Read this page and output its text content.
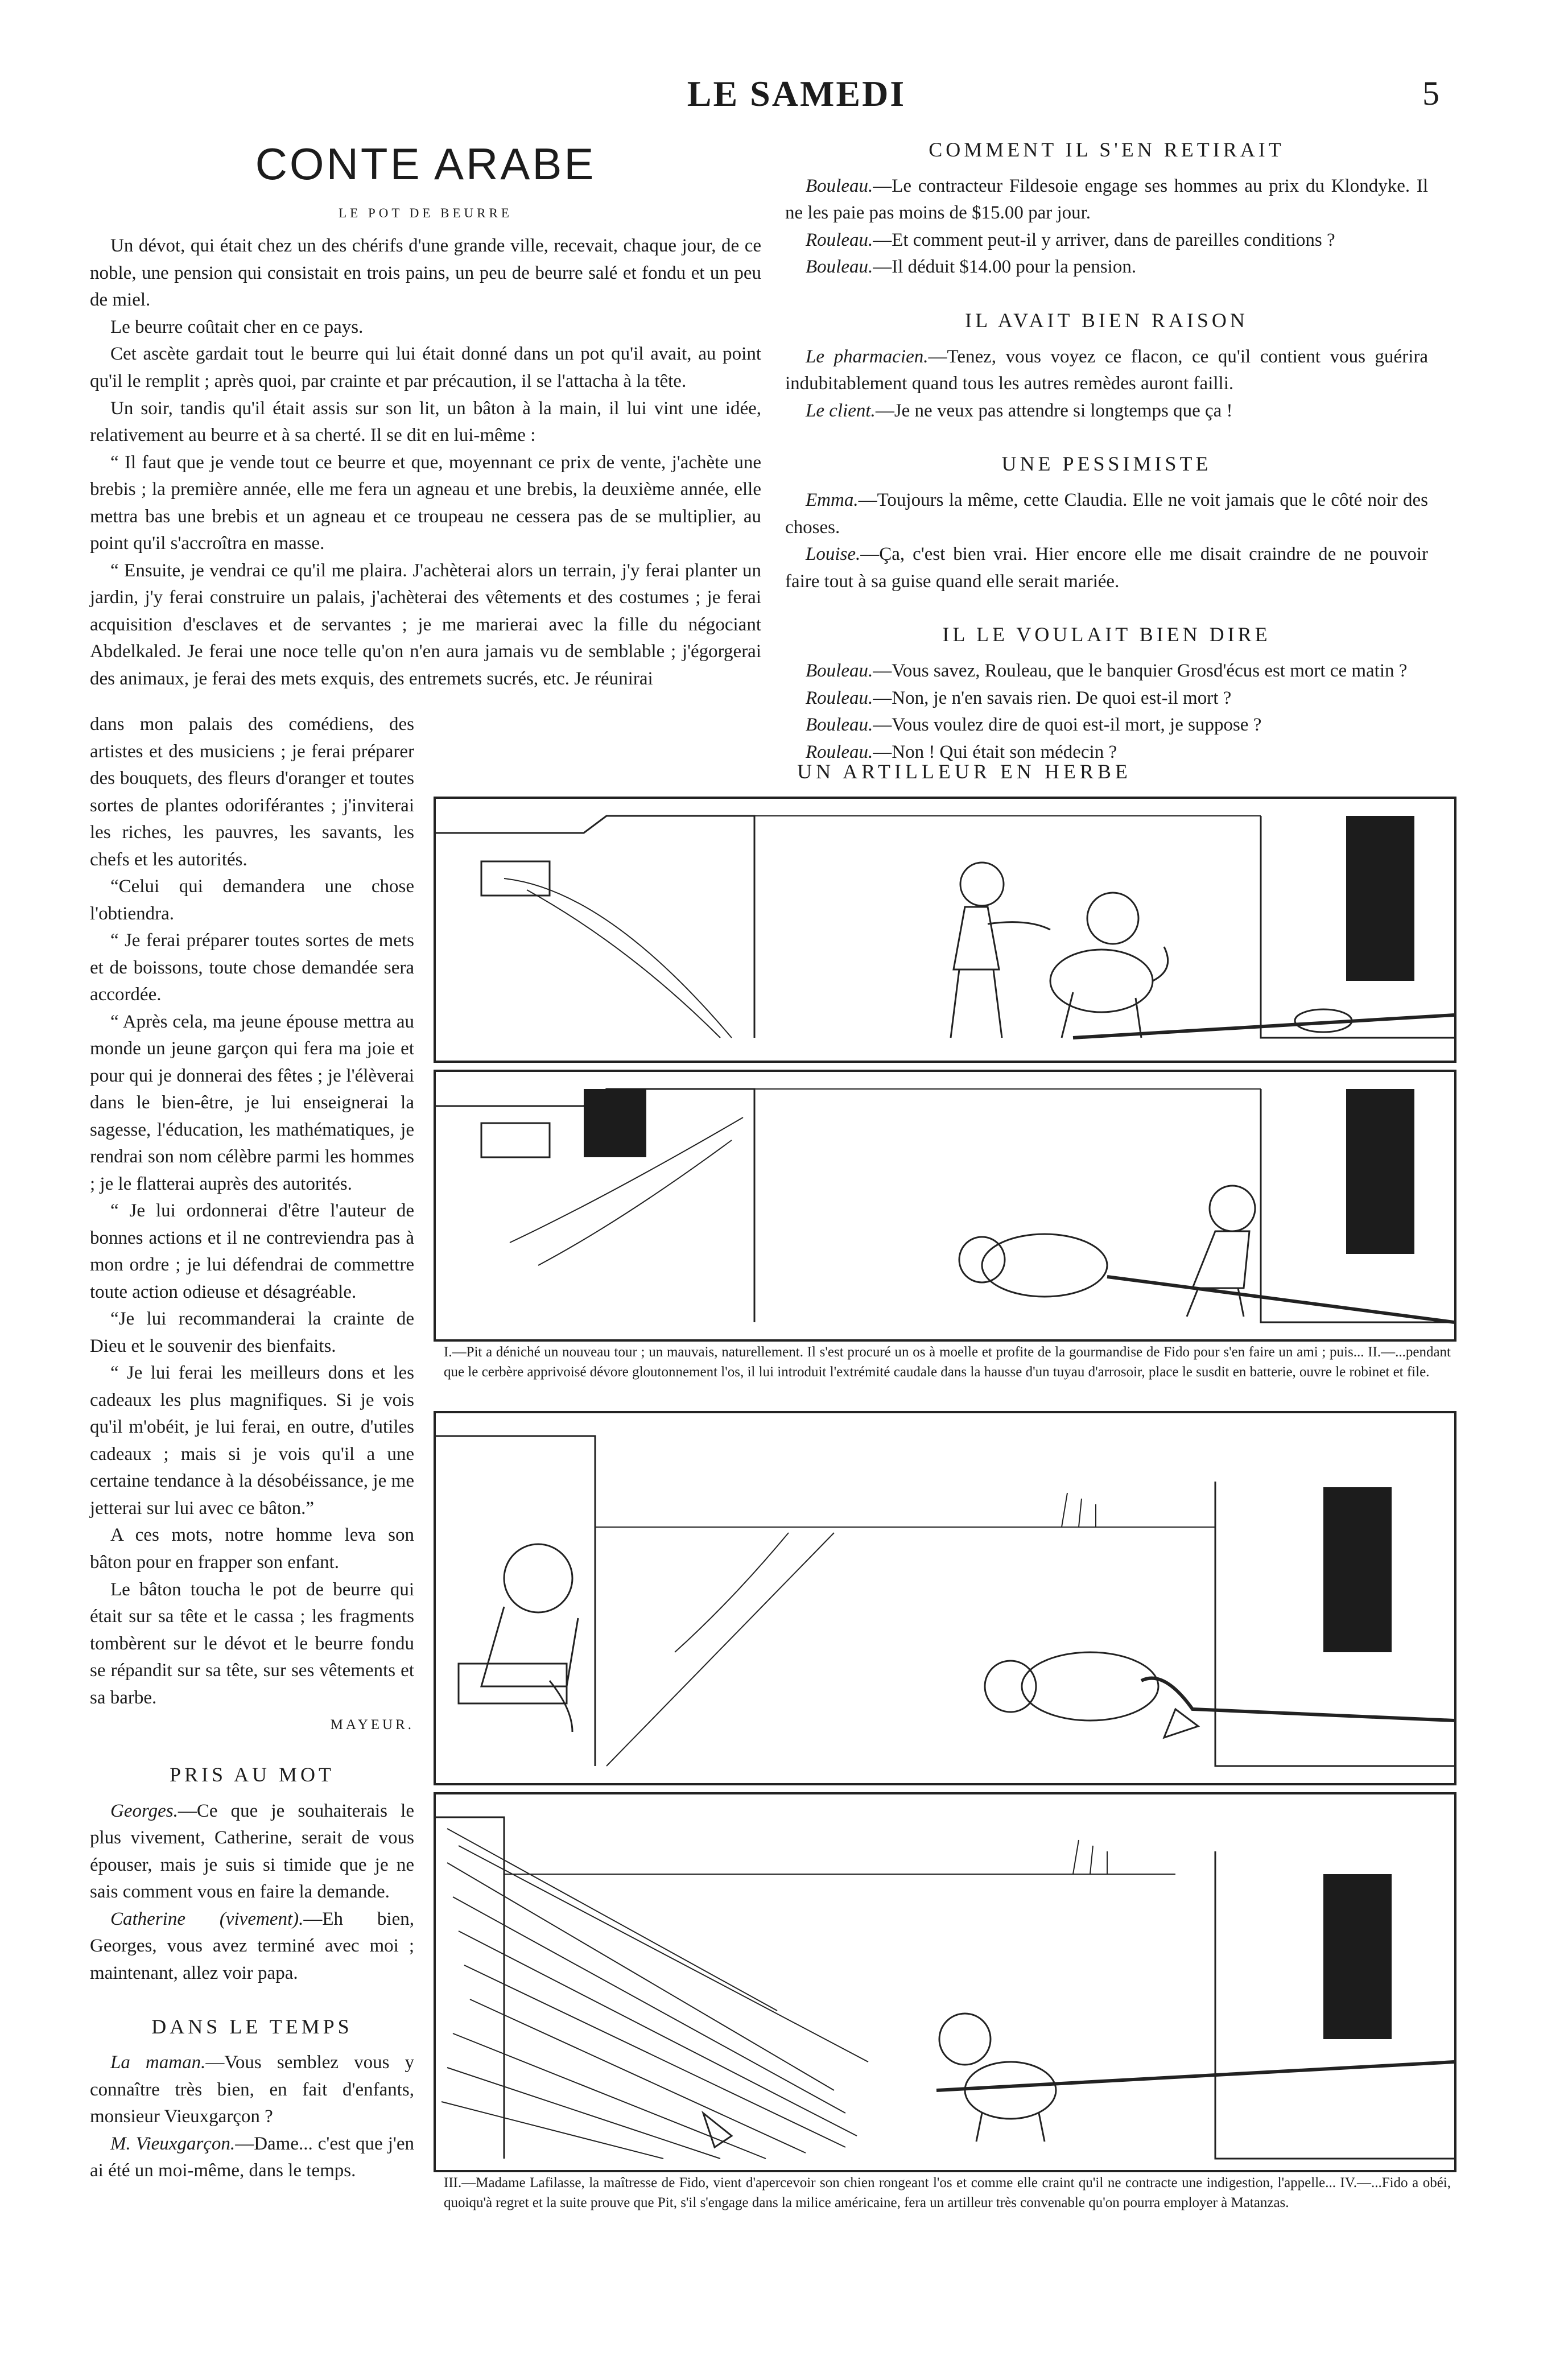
LE SAMEDI	5
CONTE ARABE
LE POT DE BEURRE

Un dévot, qui était chez un des chérifs d'une grande ville, recevait, chaque jour, de ce noble, une pension qui consistait en trois pains, un peu de beurre salé et fondu et un peu de miel.

Le beurre coûtait cher en ce pays.

Cet ascète gardait tout le beurre qui lui était donné dans un pot qu'il avait, au point qu'il le remplit ; après quoi, par crainte et par précaution, il se l'attacha à la tête.

Un soir, tandis qu'il était assis sur son lit, un bâton à la main, il lui vint une idée, relativement au beurre et à sa cherté. Il se dit en lui-même :

“ Il faut que je vende tout ce beurre et que, moyennant ce prix de vente, j'achète une brebis ; la première année, elle me fera un agneau et une brebis, la deuxième année, elle mettra bas une brebis et un agneau et ce troupeau ne cessera pas de se multiplier, au point qu'il s'accroîtra en masse.

“ Ensuite, je vendrai ce qu'il me plaira. J'achèterai alors un terrain, j'y ferai planter un jardin, j'y ferai construire un palais, j'achèterai des vêtements et des costumes ; je ferai acquisition d'esclaves et de servantes ; je me marierai avec la fille du négociant Abdelkaled. Je ferai une noce telle qu'on n'en aura jamais vu de semblable ; j'égorgerai des animaux, je ferai des mets exquis, des entremets sucrés, etc. Je réunirai

dans mon palais des comédiens, des artistes et des musiciens ; je ferai préparer des bouquets, des fleurs d'oranger et toutes sortes de plantes odoriférantes ; j'inviterai les riches, les pauvres, les savants, les chefs et les autorités.

“Celui qui demandera une chose l'obtiendra.

“ Je ferai préparer toutes sortes de mets et de boissons, toute chose demandée sera accordée.

“ Après cela, ma jeune épouse mettra au monde un jeune garçon qui fera ma joie et pour qui je donnerai des fêtes ; je l'élèverai dans le bien-être, je lui enseignerai la sagesse, l'éducation, les mathématiques, je rendrai son nom célèbre parmi les hommes ; je le flatterai auprès des autorités.

“ Je lui ordonnerai d'être l'auteur de bonnes actions et il ne contreviendra pas à mon ordre ; je lui défendrai de commettre toute action odieuse et désagréable.

“Je lui recommanderai la crainte de Dieu et le souvenir des bienfaits.

“ Je lui ferai les meilleurs dons et les cadeaux les plus magnifiques. Si je vois qu'il m'obéit, je lui ferai, en outre, d'utiles cadeaux ; mais si je vois qu'il a une certaine tendance à la désobéissance, je me jetterai sur lui avec ce bâton.”

A ces mots, notre homme leva son bâton pour en frapper son enfant.

Le bâton toucha le pot de beurre qui était sur sa tête et le cassa ; les fragments tombèrent sur le dévot et le beurre fondu se répandit sur sa tête, sur ses vêtements et sa barbe.

MAYEUR.
PRIS AU MOT

Georges.—Ce que je souhaiterais le plus vivement, Catherine, serait de vous épouser, mais je suis si timide que je ne sais comment vous en faire la demande.

Catherine (vivement).—Eh bien, Georges, vous avez terminé avec moi ; maintenant, allez voir papa.

DANS LE TEMPS

La maman.—Vous semblez vous y connaître très bien, en fait d'enfants, monsieur Vieuxgarçon ?

M. Vieuxgarçon.—Dame... c'est que j'en ai été un moi-même, dans le temps.

COMMENT IL S'EN RETIRAIT

Bouleau.—Le contracteur Fildesoie engage ses hommes au prix du Klondyke. Il ne les paie pas moins de $15.00 par jour.

Rouleau.—Et comment peut-il y arriver, dans de pareilles conditions ?

Bouleau.—Il déduit $14.00 pour la pension.

IL AVAIT BIEN RAISON

Le pharmacien.—Tenez, vous voyez ce flacon, ce qu'il contient vous guérira indubitablement quand tous les autres remèdes auront failli.

Le client.—Je ne veux pas attendre si longtemps que ça !

UNE PESSIMISTE

Emma.—Toujours la même, cette Claudia. Elle ne voit jamais que le côté noir des choses.

Louise.—Ça, c'est bien vrai. Hier encore elle me disait craindre de ne pouvoir faire tout à sa guise quand elle serait mariée.

IL LE VOULAIT BIEN DIRE

Bouleau.—Vous savez, Rouleau, que le banquier Grosd'écus est mort ce matin ?

Rouleau.—Non, je n'en savais rien. De quoi est-il mort ?

Bouleau.—Vous voulez dire de quoi est-il mort, je suppose ?

Rouleau.—Non ! Qui était son médecin ?

UN ARTILLEUR EN HERBE
I.—Pit a déniché un nouveau tour ; un mauvais, naturellement. Il s'est procuré un os à moelle et profite de la gourmandise de Fido pour s'en faire un ami ; puis... II.—...pendant que le cerbère apprivoisé dévore gloutonnement l'os, il lui introduit l'extrémité caudale dans la hausse d'un tuyau d'arrosoir, place le susdit en batterie, ouvre le robinet et file.
III.—Madame Lafilasse, la maîtresse de Fido, vient d'apercevoir son chien rongeant l'os et comme elle craint qu'il ne contracte une indigestion, l'appelle... IV.—...Fido a obéi, quoiqu'à regret et la suite prouve que Pit, s'il s'engage dans la milice américaine, fera un artilleur très convenable qu'on pourra employer à Matanzas.
